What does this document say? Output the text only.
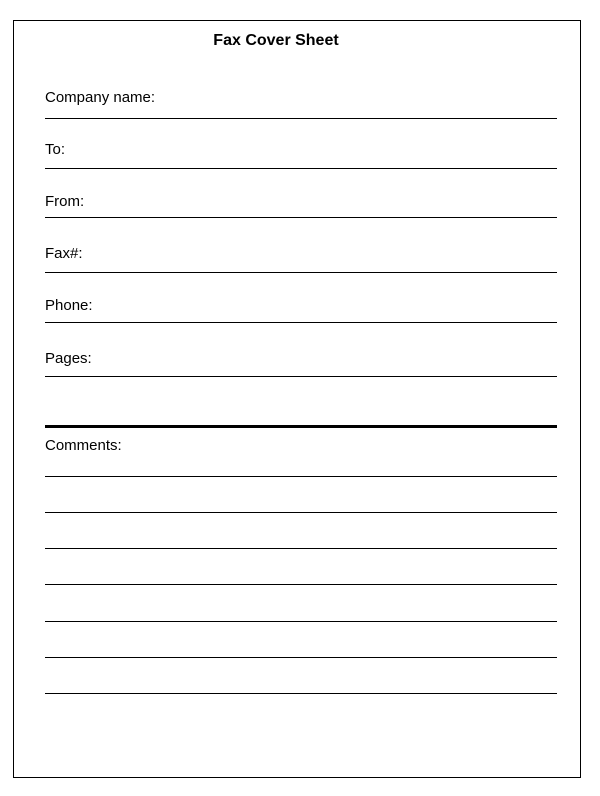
Fax Cover Sheet
Company name:
To:
From:
Fax#:
Phone:
Pages:
Comments:
